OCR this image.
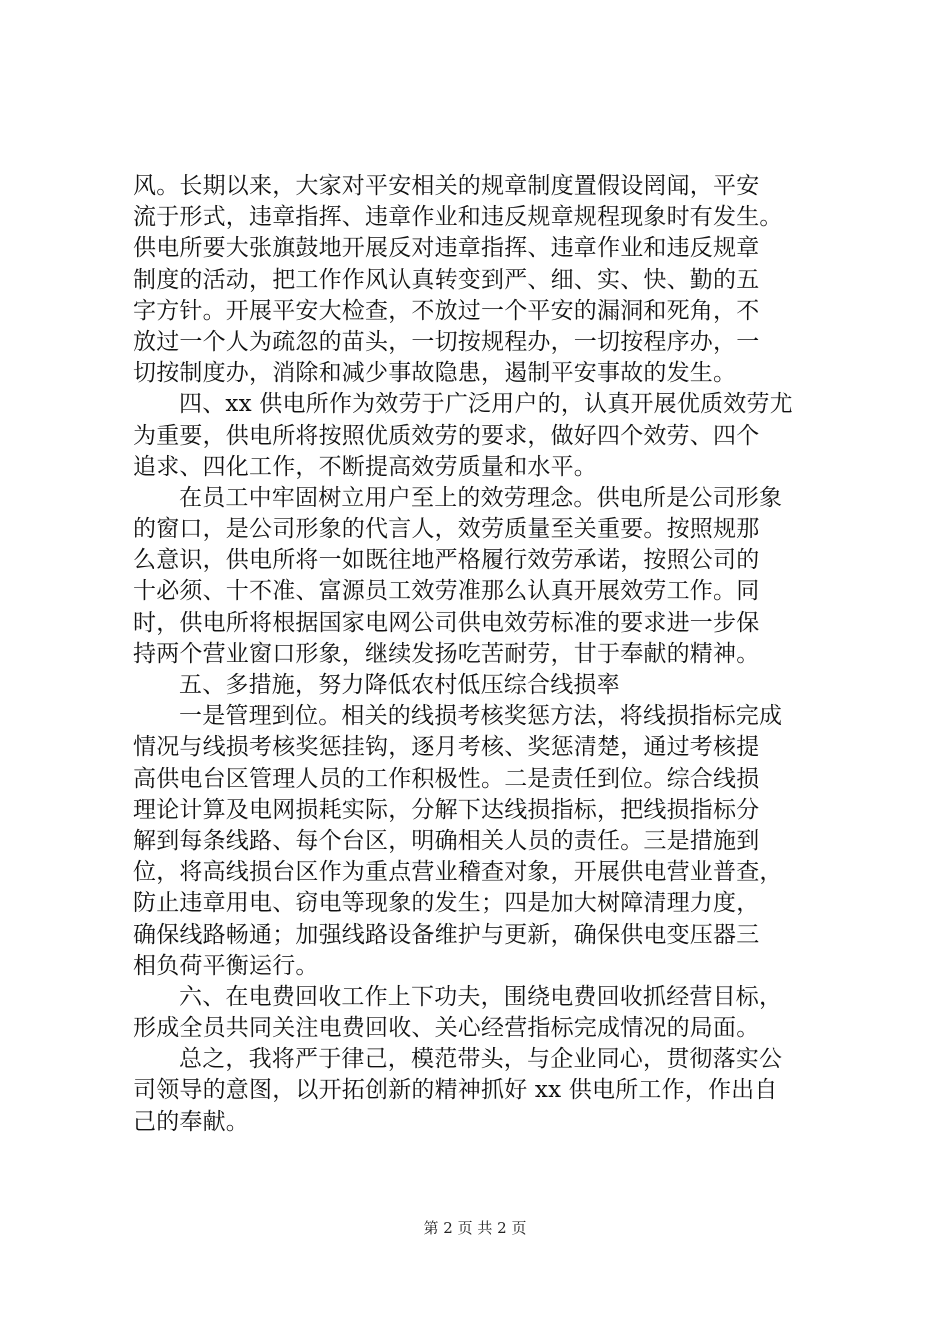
风。长期以来，大家对平安相关的规章制度置假设罔闻，平安
流于形式，违章指挥、违章作业和违反规章规程现象时有发生。
供电所要大张旗鼓地开展反对违章指挥、违章作业和违反规章
制度的活动，把工作作风认真转变到严、细、实、快、勤的五
字方针。开展平安大检查，不放过一个平安的漏洞和死角，不
放过一个人为疏忽的苗头，一切按规程办，一切按程序办，一
切按制度办，消除和减少事故隐患，遏制平安事故的发生。
四、xx 供电所作为效劳于广泛用户的，认真开展优质效劳尤
为重要，供电所将按照优质效劳的要求，做好四个效劳、四个
追求、四化工作，不断提高效劳质量和水平。
在员工中牢固树立用户至上的效劳理念。供电所是公司形象
的窗口，是公司形象的代言人，效劳质量至关重要。按照规那
么意识，供电所将一如既往地严格履行效劳承诺，按照公司的
十必须、十不准、富源员工效劳准那么认真开展效劳工作。同
时，供电所将根据国家电网公司供电效劳标准的要求进一步保
持两个营业窗口形象，继续发扬吃苦耐劳，甘于奉献的精神。
五、多措施，努力降低农村低压综合线损率
一是管理到位。相关的线损考核奖惩方法，将线损指标完成
情况与线损考核奖惩挂钩，逐月考核、奖惩清楚，通过考核提
高供电台区管理人员的工作积极性。二是责任到位。综合线损
理论计算及电网损耗实际，分解下达线损指标，把线损指标分
解到每条线路、每个台区，明确相关人员的责任。三是措施到
位，将高线损台区作为重点营业稽查对象，开展供电营业普查，
防止违章用电、窃电等现象的发生；四是加大树障清理力度，
确保线路畅通；加强线路设备维护与更新，确保供电变压器三
相负荷平衡运行。
六、在电费回收工作上下功夫，围绕电费回收抓经营目标，
形成全员共同关注电费回收、关心经营指标完成情况的局面。
总之，我将严于律己，模范带头，与企业同心，贯彻落实公
司领导的意图，以开拓创新的精神抓好 xx 供电所工作，作出自
己的奉献。
第 2 页 共 2 页
